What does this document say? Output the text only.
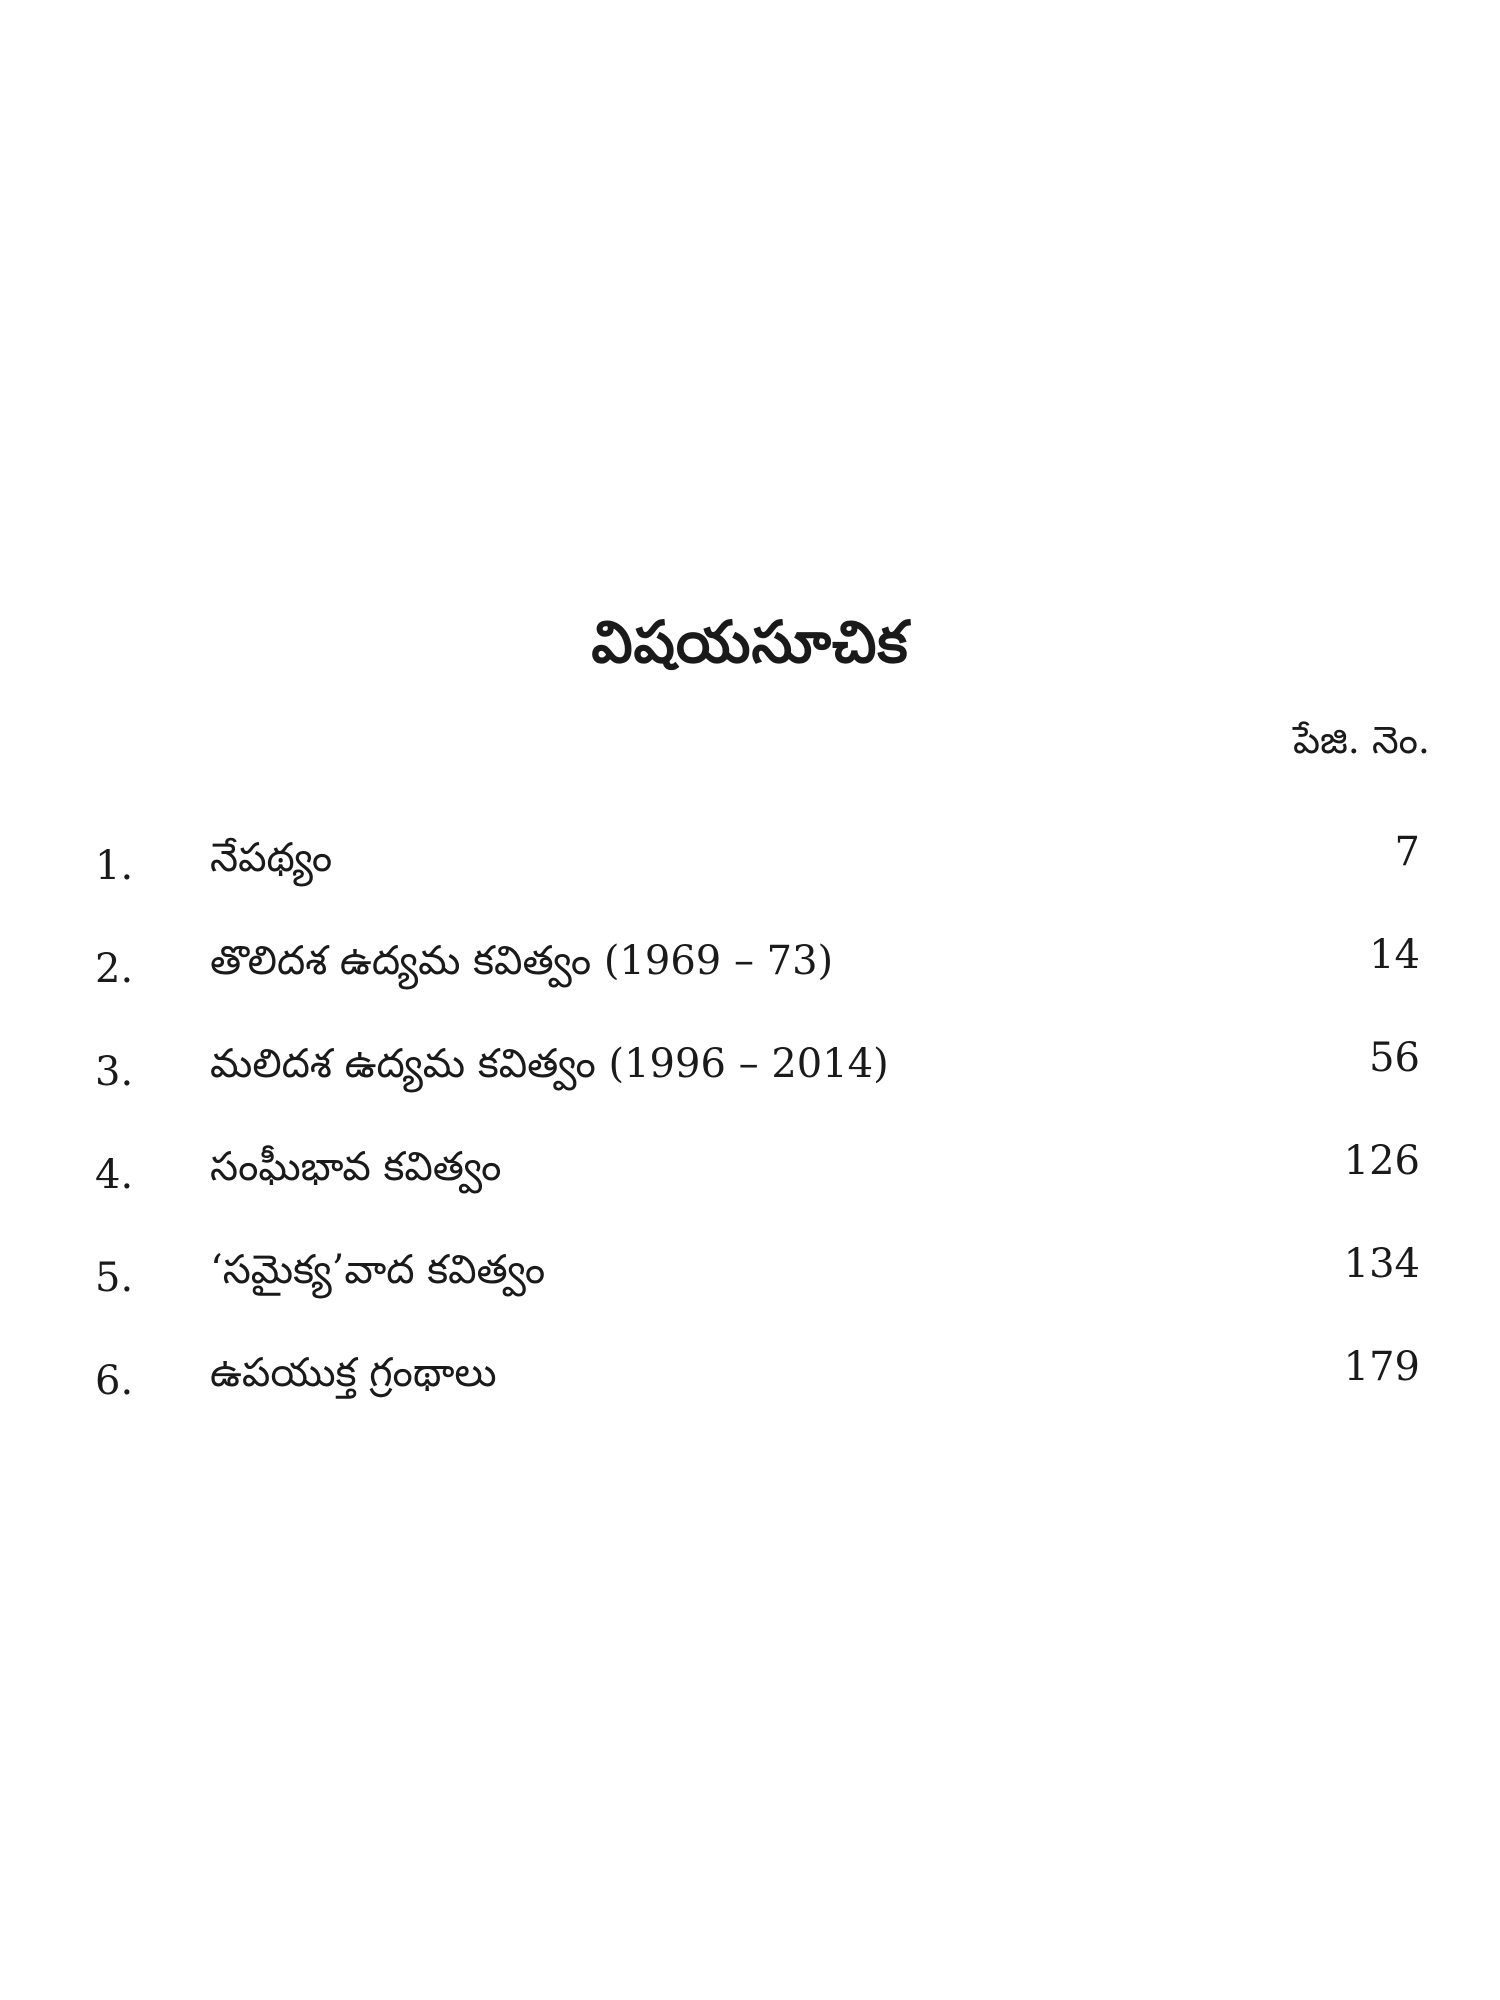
విషయసూచిక
పేజి. నెం.
1.	నేపథ్యం	7
2.	తొలిదశ ఉద్యమ కవిత్వం (1969 – 73)	14
3.	మలిదశ ఉద్యమ కవిత్వం (1996 – 2014)	56
4.	సంఘీభావ కవిత్వం	126
5.	‘సమైక్య’వాద కవిత్వం	134
6.	ఉపయుక్త గ్రంథాలు	179
